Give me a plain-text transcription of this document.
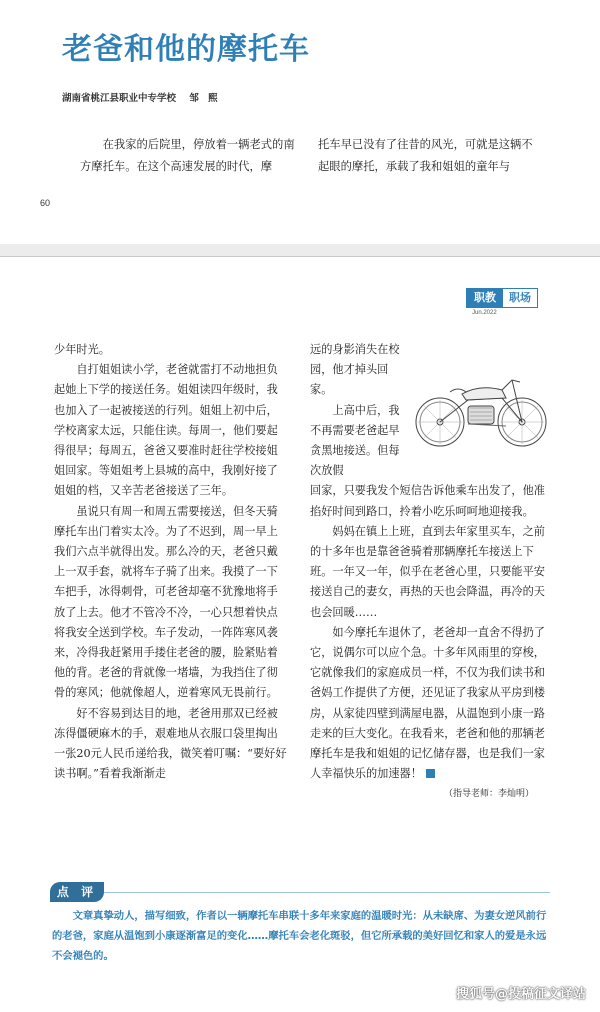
老爸和他的摩托车
湖南省桃江县职业中专学校 邹 熙

在我家的后院里，停放着一辆老式的南方摩托车。在这个高速发展的时代，摩

托车早已没有了往昔的风光，可就是这辆不起眼的摩托，承载了我和姐姐的童年与

60
职教	职场
Jun.2022

少年时光。

自打姐姐读小学，老爸就雷打不动地担负起她上下学的接送任务。姐姐读四年级时，我也加入了一起被接送的行列。姐姐上初中后，学校离家太远，只能住读。每周一，他们要起得很早；每周五，爸爸又要准时赶往学校接姐姐回家。等姐姐考上县城的高中，我刚好接了姐姐的档，又辛苦老爸接送了三年。

虽说只有周一和周五需要接送，但冬天骑摩托车出门着实太冷。为了不迟到，周一早上我们六点半就得出发。那么冷的天，老爸只戴上一双手套，就将车子骑了出来。我摸了一下车把手，冰得刺骨，可老爸却毫不犹豫地将手放了上去。他才不管冷不冷，一心只想着快点将我安全送到学校。车子发动，一阵阵寒风袭来，冷得我赶紧用手搂住老爸的腰，脸紧贴着他的背。老爸的背就像一堵墙，为我挡住了彻骨的寒风；他就像超人，逆着寒风无畏前行。

好不容易到达目的地，老爸用那双已经被冻得僵硬麻木的手，艰难地从衣服口袋里掏出一张20元人民币递给我，微笑着叮嘱：“要好好读书啊。”看着我渐渐走

远的身影消失在校园，他才掉头回家。

上高中后，我不再需要老爸起早贪黑地接送。但每次放假

回家，只要我发个短信告诉他乘车出发了，他准掐好时间到路口，拎着小吃乐呵呵地迎接我。

妈妈在镇上上班，直到去年家里买车，之前的十多年也是靠爸爸骑着那辆摩托车接送上下班。一年又一年，似乎在老爸心里，只要能平安接送自己的妻女，再热的天也会降温，再冷的天也会回暖……

如今摩托车退休了，老爸却一直舍不得扔了它，说偶尔可以应个急。十多年风雨里的穿梭，它就像我们的家庭成员一样，不仅为我们读书和爸妈工作提供了方便，还见证了我家从平房到楼房，从家徒四壁到满屋电器，从温饱到小康一路走来的巨大变化。在我看来，老爸和他的那辆老摩托车是我和姐姐的记忆储存器，也是我们一家人幸福快乐的加速器！

（指导老师：李灿明）

点 评

文章真挚动人，描写细致，作者以一辆摩托车串联十多年来家庭的温暖时光：从未缺席、为妻女逆风前行的老爸，家庭从温饱到小康逐渐富足的变化……摩托车会老化斑驳，但它所承载的美好回忆和家人的爱是永远不会褪色的。

搜狐号@投稿征文译站
